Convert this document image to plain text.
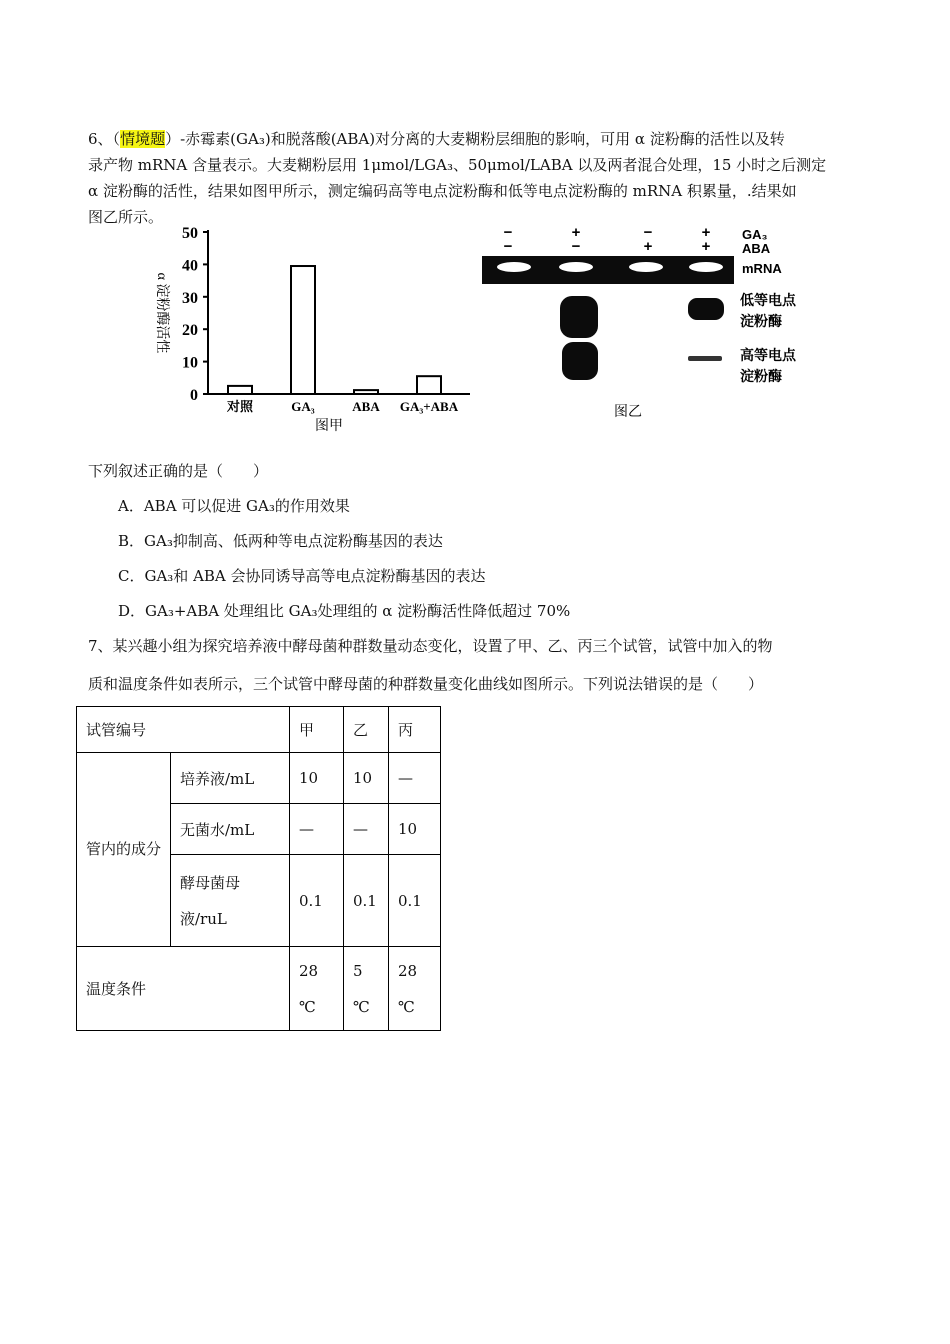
6、（情境题）-赤霉素(GA₃)和脱落酸(ABA)对分离的大麦糊粉层细胞的影响，可用 α 淀粉酶的活性以及转
录产物 mRNA 含量表示。大麦糊粉层用 1μmol/LGA₃、50μmol/LABA 以及两者混合处理，15 小时之后测定
α 淀粉酶的活性，结果如图甲所示，测定编码高等电点淀粉酶和低等电点淀粉酶的 mRNA 积累量，.结果如
图乙所示。
0
10
20
30
40
50
α 淀粉酶活性
对照	GA₃	ABA GA₃+ABA
图甲
−	+	−	+
−	−	+	+
GA₃
ABA
mRNA
低等电点
淀粉酶
高等电点
淀粉酶
图乙
下列叙述正确的是（　　）
A．ABA 可以促进 GA₃的作用效果
B．GA₃抑制高、低两种等电点淀粉酶基因的表达
C．GA₃和 ABA 会协同诱导高等电点淀粉酶基因的表达
D．GA₃+ABA 处理组比 GA₃处理组的 α 淀粉酶活性降低超过 70%
7、某兴趣小组为探究培养液中酵母菌种群数量动态变化，设置了甲、乙、丙三个试管，试管中加入的物
质和温度条件如表所示，三个试管中酵母菌的种群数量变化曲线如图所示。下列说法错误的是（　　）
试管编号		甲	乙	丙
管内的成分	培养液/mL	10	10	—
	无菌水/mL	—	—	10
	酵母菌母液/ruL	0.1	0.1	0.1
温度条件		28 ℃	5 ℃	28 ℃
